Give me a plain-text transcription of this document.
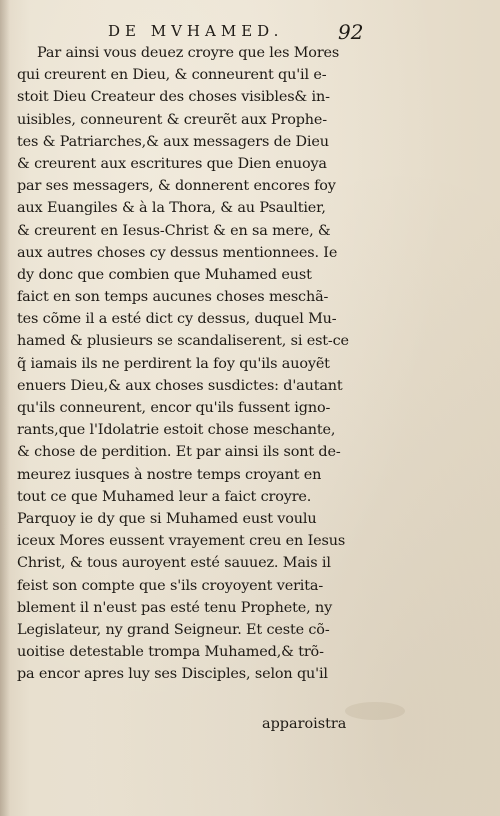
DE MVHAMED.	92
Par ainsi vous deuez croyre que les Mores
qui creurent en Dieu, & conneurent qu'il e-
stoit Dieu Createur des choses visibles& in-
uisibles, conneurent & creurẽt aux Prophe-
tes & Patriarches,& aux messagers de Dieu
& creurent aux escritures que Dien enuoya
par ses messagers, & donnerent encores foy
aux Euangiles & à la Thora, & au Psaultier,
& creurent en Iesus-Christ & en sa mere, &
aux autres choses cy dessus mentionnees. Ie
dy donc que combien que Muhamed eust
faict en son temps aucunes choses meschã-
tes cõme il a esté dict cy dessus, duquel Mu-
hamed & plusieurs se scandaliserent, si est-ce
q̃ iamais ils ne perdirent la foy qu'ils auoyẽt
enuers Dieu,& aux choses susdictes: d'autant
qu'ils conneurent, encor qu'ils fussent igno-
rants,que l'Idolatrie estoit chose meschante,
& chose de perdition. Et par ainsi ils sont de-
meurez iusques à nostre temps croyant en
tout ce que Muhamed leur a faict croyre.
Parquoy ie dy que si Muhamed eust voulu
iceux Mores eussent vrayement creu en Iesus
Christ, & tous auroyent esté sauuez. Mais il
feist son compte que s'ils croyoyent verita-
blement il n'eust pas esté tenu Prophete, ny
Legislateur, ny grand Seigneur. Et ceste cõ-
uoitise detestable trompa Muhamed,& trõ-
pa encor apres luy ses Disciples, selon qu'il
apparoistra
